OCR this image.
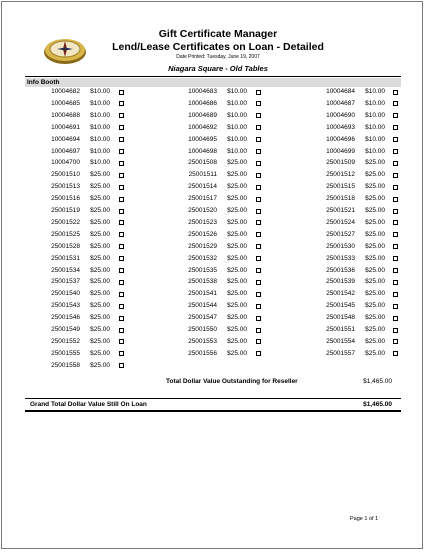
Gift Certificate Manager
Lend/Lease Certificates on Loan - Detailed
Date Printed: Tuesday, June 19, 2007
Niagara Square - Old Tables
Info Booth
10004682	$10.00	10004683	$10.00	10004684	$10.00
10004685	$10.00	10004686	$10.00	10004687	$10.00
10004688	$10.00	10004689	$10.00	10004690	$10.00
10004691	$10.00	10004692	$10.00	10004693	$10.00
10004694	$10.00	10004695	$10.00	10004696	$10.00
10004697	$10.00	10004698	$10.00	10004699	$10.00
10004700	$10.00	25001508	$25.00	25001509	$25.00
25001510	$25.00	25001511	$25.00	25001512	$25.00
25001513	$25.00	25001514	$25.00	25001515	$25.00
25001516	$25.00	25001517	$25.00	25001518	$25.00
25001519	$25.00	25001520	$25.00	25001521	$25.00
25001522	$25.00	25001523	$25.00	25001524	$25.00
25001525	$25.00	25001526	$25.00	25001527	$25.00
25001528	$25.00	25001529	$25.00	25001530	$25.00
25001531	$25.00	25001532	$25.00	25001533	$25.00
25001534	$25.00	25001535	$25.00	25001536	$25.00
25001537	$25.00	25001538	$25.00	25001539	$25.00
25001540	$25.00	25001541	$25.00	25001542	$25.00
25001543	$25.00	25001544	$25.00	25001545	$25.00
25001546	$25.00	25001547	$25.00	25001548	$25.00
25001549	$25.00	25001550	$25.00	25001551	$25.00
25001552	$25.00	25001553	$25.00	25001554	$25.00
25001555	$25.00	25001556	$25.00	25001557	$25.00
25001558	$25.00
Total Dollar Value Outstanding for Reseller	$1,465.00
Grand Total Dollar Value Still On Loan	$1,465.00
Page 1 of 1
